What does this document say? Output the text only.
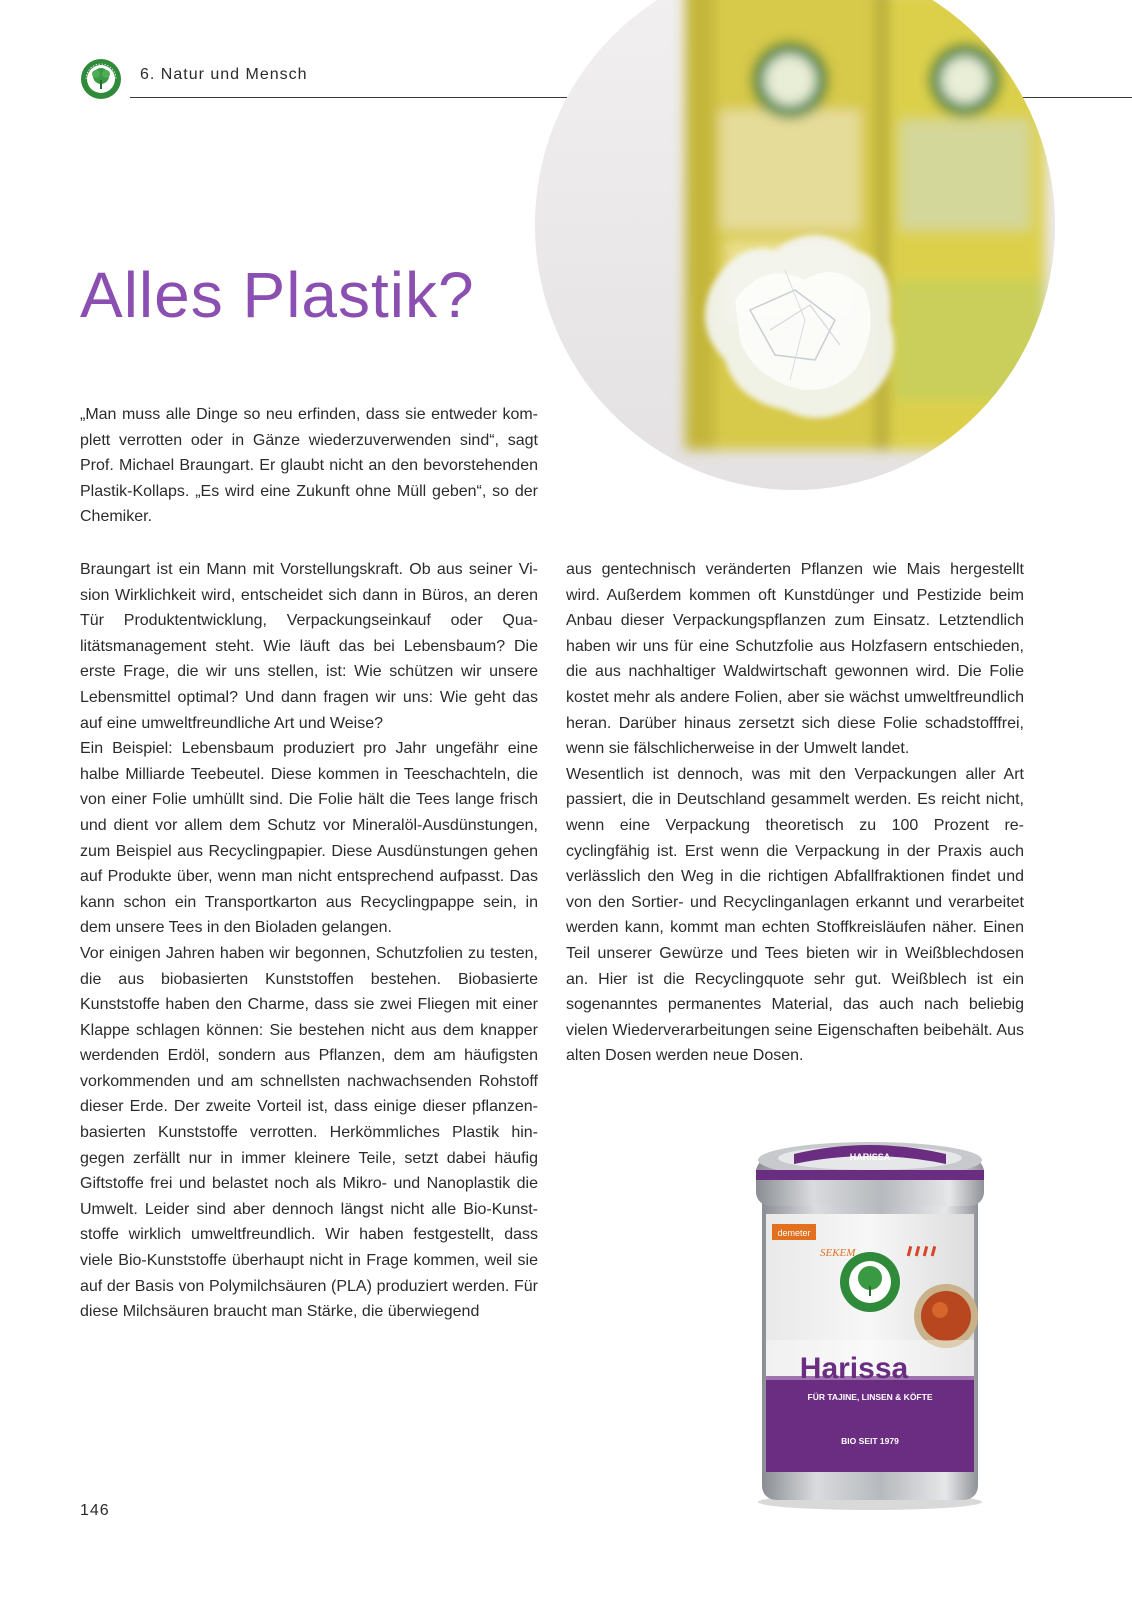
6. Natur und Mensch
Alles Plastik?

„Man muss alle Dinge so neu erfinden, dass sie entweder komplett verrotten oder in Gänze wiederzuverwenden sind“, sagt Prof. Michael Braungart. Er glaubt nicht an den bevorstehenden Plastik-Kollaps. „Es wird eine Zukunft ohne Müll geben“, so der Chemiker.

Braungart ist ein Mann mit Vorstellungskraft. Ob aus seiner Vision Wirklichkeit wird, entscheidet sich dann in Büros, an deren Tür Produktentwicklung, Verpackungseinkauf oder Qualitätsmanagement steht. Wie läuft das bei Lebensbaum? Die erste Frage, die wir uns stellen, ist: Wie schützen wir unsere Lebensmittel optimal? Und dann fragen wir uns: Wie geht das auf eine umweltfreundliche Art und Weise?

Ein Beispiel: Lebensbaum produziert pro Jahr ungefähr eine halbe Milliarde Teebeutel. Diese kommen in Teeschachteln, die von einer Folie umhüllt sind. Die Folie hält die Tees lange frisch und dient vor allem dem Schutz vor Mineralöl-Ausdünstungen, zum Beispiel aus Recyclingpapier. Diese Ausdünstungen gehen auf Produkte über, wenn man nicht entsprechend aufpasst. Das kann schon ein Transportkarton aus Recyclingpappe sein, in dem unsere Tees in den Bioladen gelangen.

Vor einigen Jahren haben wir begonnen, Schutzfolien zu testen, die aus biobasierten Kunststoffen bestehen. Biobasierte Kunststoffe haben den Charme, dass sie zwei Fliegen mit einer Klappe schlagen können: Sie bestehen nicht aus dem knapper werdenden Erdöl, sondern aus Pflanzen, dem am häufigsten vorkommenden und am schnellsten nachwachsenden Rohstoff dieser Erde. Der zweite Vorteil ist, dass einige dieser pflanzenbasierten Kunststoffe verrotten. Herkömmliches Plastik hingegen zerfällt nur in immer kleinere Teile, setzt dabei häufig Giftstoffe frei und belastet noch als Mikro- und Nanoplastik die Umwelt. Leider sind aber dennoch längst nicht alle Bio-Kunststoffe wirklich umweltfreundlich. Wir haben festgestellt, dass viele Bio-Kunststoffe überhaupt nicht in Frage kommen, weil sie auf der Basis von Polymilchsäuren (PLA) produziert werden. Für diese Milchsäuren braucht man Stärke, die überwiegend

aus gentechnisch veränderten Pflanzen wie Mais hergestellt wird. Außerdem kommen oft Kunstdünger und Pestizide beim Anbau dieser Verpackungspflanzen zum Einsatz. Letztendlich haben wir uns für eine Schutzfolie aus Holzfasern entschieden, die aus nachhaltiger Waldwirtschaft gewonnen wird. Die Folie kostet mehr als andere Folien, aber sie wächst umweltfreundlich heran. Darüber hinaus zersetzt sich diese Folie schadstofffrei, wenn sie fälschlicherweise in der Umwelt landet.

Wesentlich ist dennoch, was mit den Verpackungen aller Art passiert, die in Deutschland gesammelt werden. Es reicht nicht, wenn eine Verpackung theoretisch zu 100 Prozent recyclingfähig ist. Erst wenn die Verpackung in der Praxis auch verlässlich den Weg in die richtigen Abfallfraktionen findet und von den Sortier- und Recyclinganlagen erkannt und verarbeitet werden kann, kommt man echten Stoffkreisläufen näher. Einen Teil unserer Gewürze und Tees bieten wir in Weißblechdosen an. Hier ist die Recyclingquote sehr gut. Weißblech ist ein sogenanntes permanentes Material, das auch nach beliebig vielen Wiederverarbeitungen seine Eigenschaften beibehält. Aus alten Dosen werden neue Dosen.

HARISSA
demeter
SEKEM
Harissa
FÜR TAJINE, LINSEN & KÖFTE
BIO SEIT 1979
146
